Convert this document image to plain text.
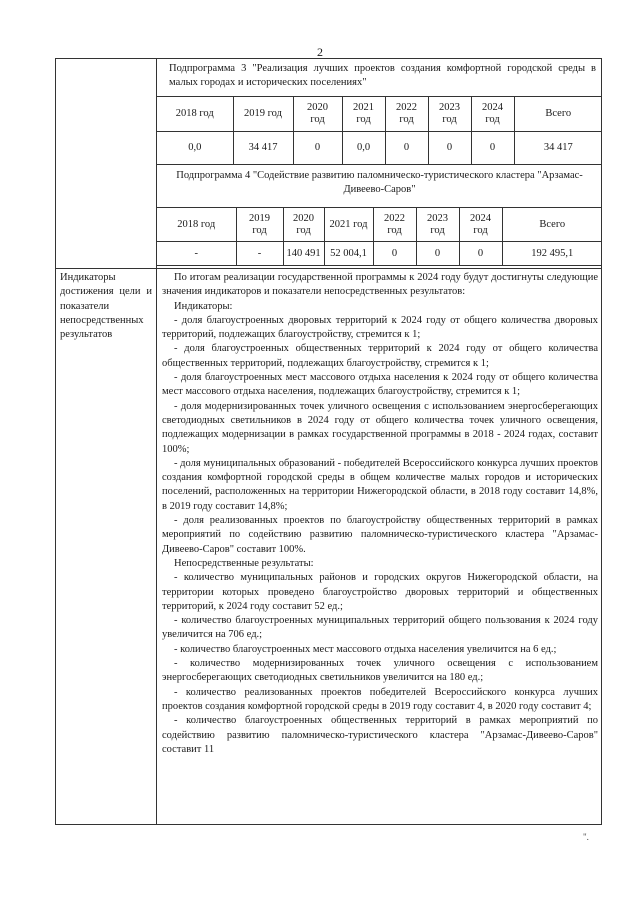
2
Подпрограмма 3 "Реализация лучших проектов создания комфортной городской среды в малых городах и исторических поселениях"
2018 год	2019 год	2020 год	2021 год	2022 год	2023 год	2024 год	Всего
0,0	34 417	0	0,0	0	0	0	34 417
Подпрограмма 4 "Содействие развитию паломническо-туристического кластера "Арзамас-Дивеево-Саров"
2018 год	2019 год	2020 год	2021 год	2022 год	2023 год	2024 год	Всего
-	-	140 491	52 004,1	0	0	0	192 495,1
Индикаторы достижения цели и показатели непосредственных результатов

По итогам реализации государственной программы к 2024 году будут достигнуты следующие значения индикаторов и показатели непосредственных результатов:

Индикаторы:

- доля благоустроенных дворовых территорий к 2024 году от общего количества дворовых территорий, подлежащих благоустройству, стремится к 1;

- доля благоустроенных общественных территорий к 2024 году от общего количества общественных территорий, подлежащих благоустройству, стремится к 1;

- доля благоустроенных мест массового отдыха населения к 2024 году от общего количества мест массового отдыха населения, подлежащих благоустройству, стремится к 1;

- доля модернизированных точек уличного освещения с использованием энергосберегающих светодиодных светильников в 2024 году от общего количества точек уличного освещения, подлежащих модернизации в рамках государственной программы в 2018 - 2024 годах, составит 100%;

- доля муниципальных образований - победителей Всероссийского конкурса лучших проектов создания комфортной городской среды в общем количестве малых городов и исторических поселений, расположенных на территории Нижегородской области, в 2018 году составит 14,8%, в 2019 году составит 14,8%;

- доля реализованных проектов по благоустройству общественных территорий в рамках мероприятий по содействию развитию паломническо-туристического кластера "Арзамас-Дивеево-Саров" составит 100%.

Непосредственные результаты:

- количество муниципальных районов и городских округов Нижегородской области, на территории которых проведено благоустройство дворовых территорий и общественных территорий, к 2024 году составит 52 ед.;

- количество благоустроенных муниципальных территорий общего пользования к 2024 году увеличится на 706 ед.;

- количество благоустроенных мест массового отдыха населения увеличится на 6 ед.;

- количество модернизированных точек уличного освещения с использованием энергосберегающих светодиодных светильников увеличится на 180 ед.;

- количество реализованных проектов победителей Всероссийского конкурса лучших проектов создания комфортной городской среды в 2019 году составит 4, в 2020 году составит 4;

- количество благоустроенных общественных территорий в рамках мероприятий по содействию развитию паломническо-туристического кластера "Арзамас-Дивеево-Саров" составит 11

".
